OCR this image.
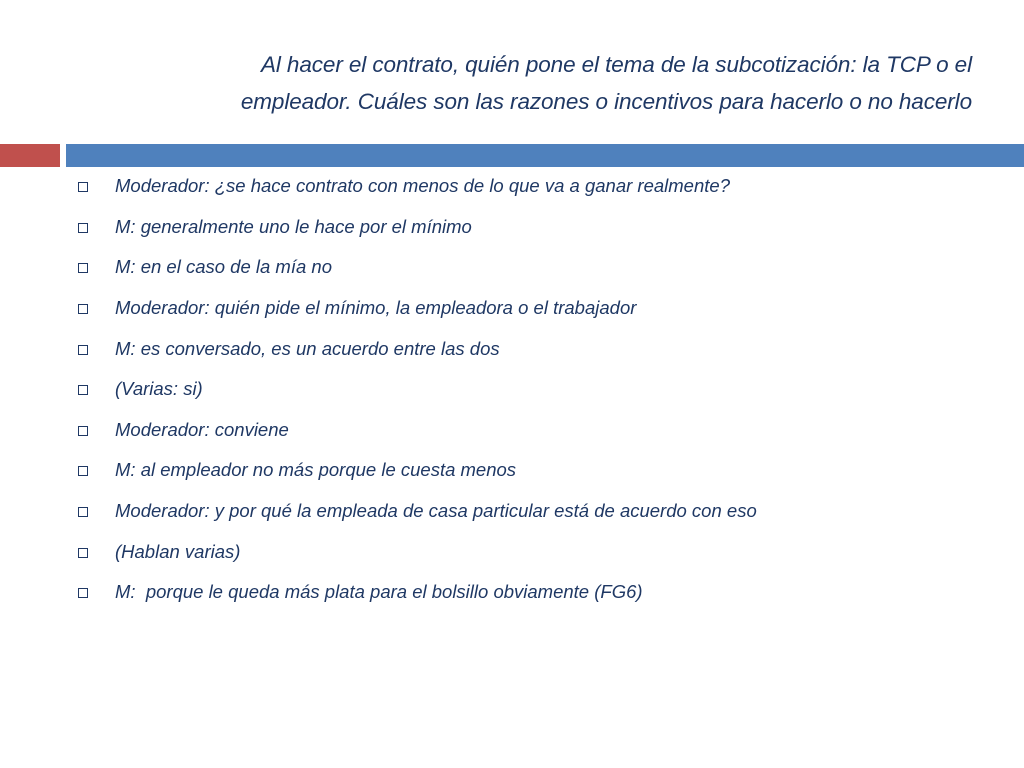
Al hacer el contrato, quién pone el tema de la subcotización: la TCP o el
empleador. Cuáles son las razones o incentivos para hacerlo o no hacerlo
Moderador: ¿se hace contrato con menos de lo que va a ganar realmente?
M: generalmente uno le hace por el mínimo
M: en el caso de la mía no
Moderador: quién pide el mínimo, la empleadora o el trabajador
M: es conversado, es un acuerdo entre las dos
(Varias: si)
Moderador: conviene
M: al empleador no más porque le cuesta menos
Moderador: y por qué la empleada de casa particular está de acuerdo con eso
(Hablan varias)
M:  porque le queda más plata para el bolsillo obviamente (FG6)
